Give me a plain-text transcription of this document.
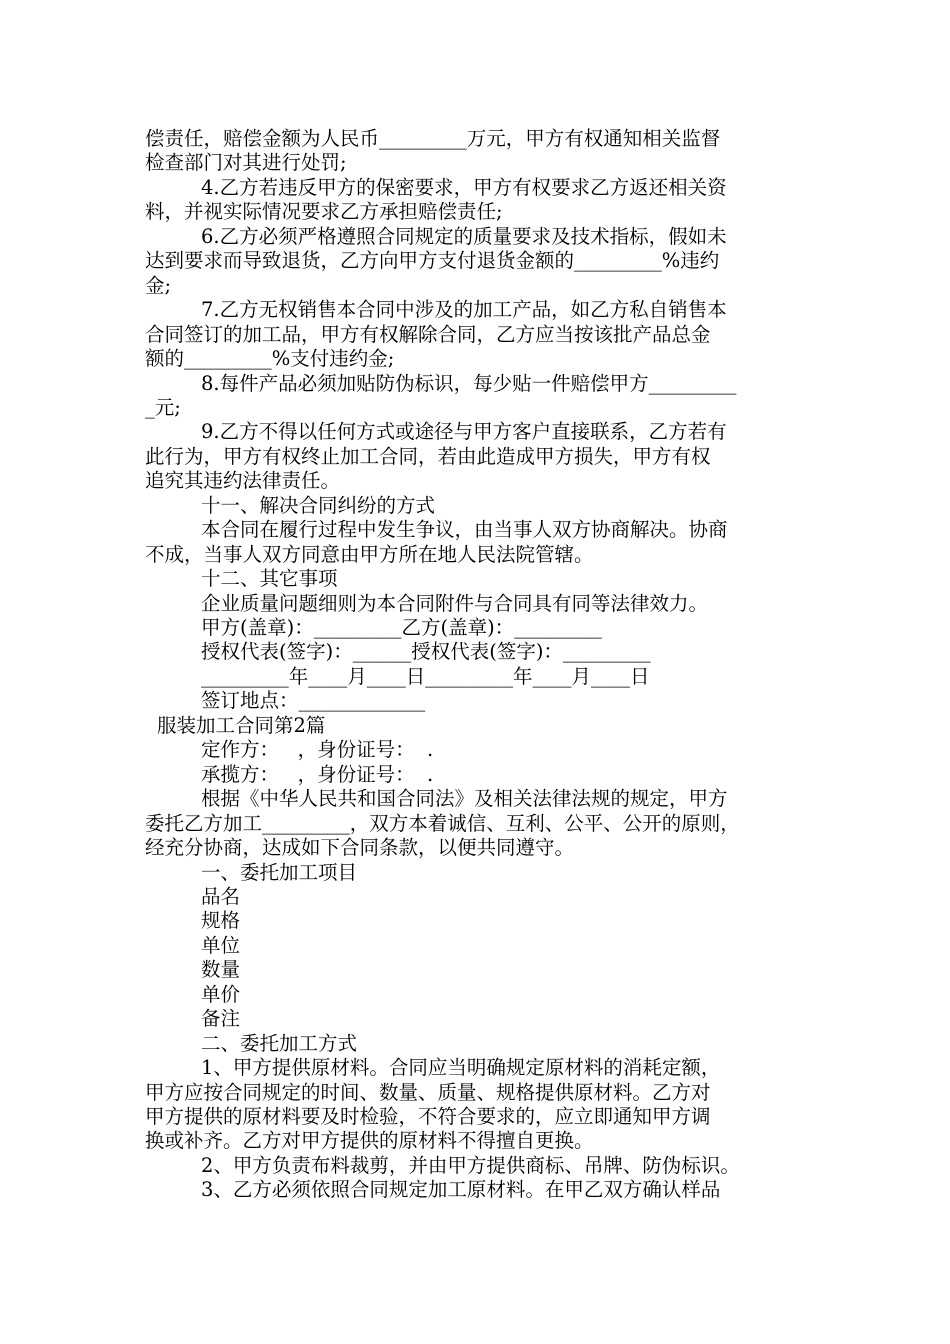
偿责任，赔偿金额为人民币_________万元，甲方有权通知相关监督
检查部门对其进行处罚;
4.乙方若违反甲方的保密要求，甲方有权要求乙方返还相关资
料，并视实际情况要求乙方承担赔偿责任;
6.乙方必须严格遵照合同规定的质量要求及技术指标，假如未
达到要求而导致退货，乙方向甲方支付退货金额的_________%违约
金;
7.乙方无权销售本合同中涉及的加工产品，如乙方私自销售本
合同签订的加工品，甲方有权解除合同，乙方应当按该批产品总金
额的_________%支付违约金;
8.每件产品必须加贴防伪标识，每少贴一件赔偿甲方_________
_元;
9.乙方不得以任何方式或途径与甲方客户直接联系，乙方若有
此行为，甲方有权终止加工合同，若由此造成甲方损失，甲方有权
追究其违约法律责任。
十一、解决合同纠纷的方式
本合同在履行过程中发生争议，由当事人双方协商解决。协商
不成，当事人双方同意由甲方所在地人民法院管辖。
十二、其它事项
企业质量问题细则为本合同附件与合同具有同等法律效力。
甲方(盖章)：_________乙方(盖章)：_________
授权代表(签字)：______授权代表(签字)：_________
_________年____月____日_________年____月____日
签订地点：_____________
服装加工合同第2篇
定作方：   ，身份证号：  .
承揽方：   ，身份证号：  .
根据《中华人民共和国合同法》及相关法律法规的规定，甲方
委托乙方加工_________，双方本着诚信、互利、公平、公开的原则，
经充分协商，达成如下合同条款，以便共同遵守。
一、委托加工项目
品名
规格
单位
数量
单价
备注
二、委托加工方式
1、甲方提供原材料。合同应当明确规定原材料的消耗定额，
甲方应按合同规定的时间、数量、质量、规格提供原材料。乙方对
甲方提供的原材料要及时检验，不符合要求的，应立即通知甲方调
换或补齐。乙方对甲方提供的原材料不得擅自更换。
2、甲方负责布料裁剪，并由甲方提供商标、吊牌、防伪标识。
3、乙方必须依照合同规定加工原材料。在甲乙双方确认样品
